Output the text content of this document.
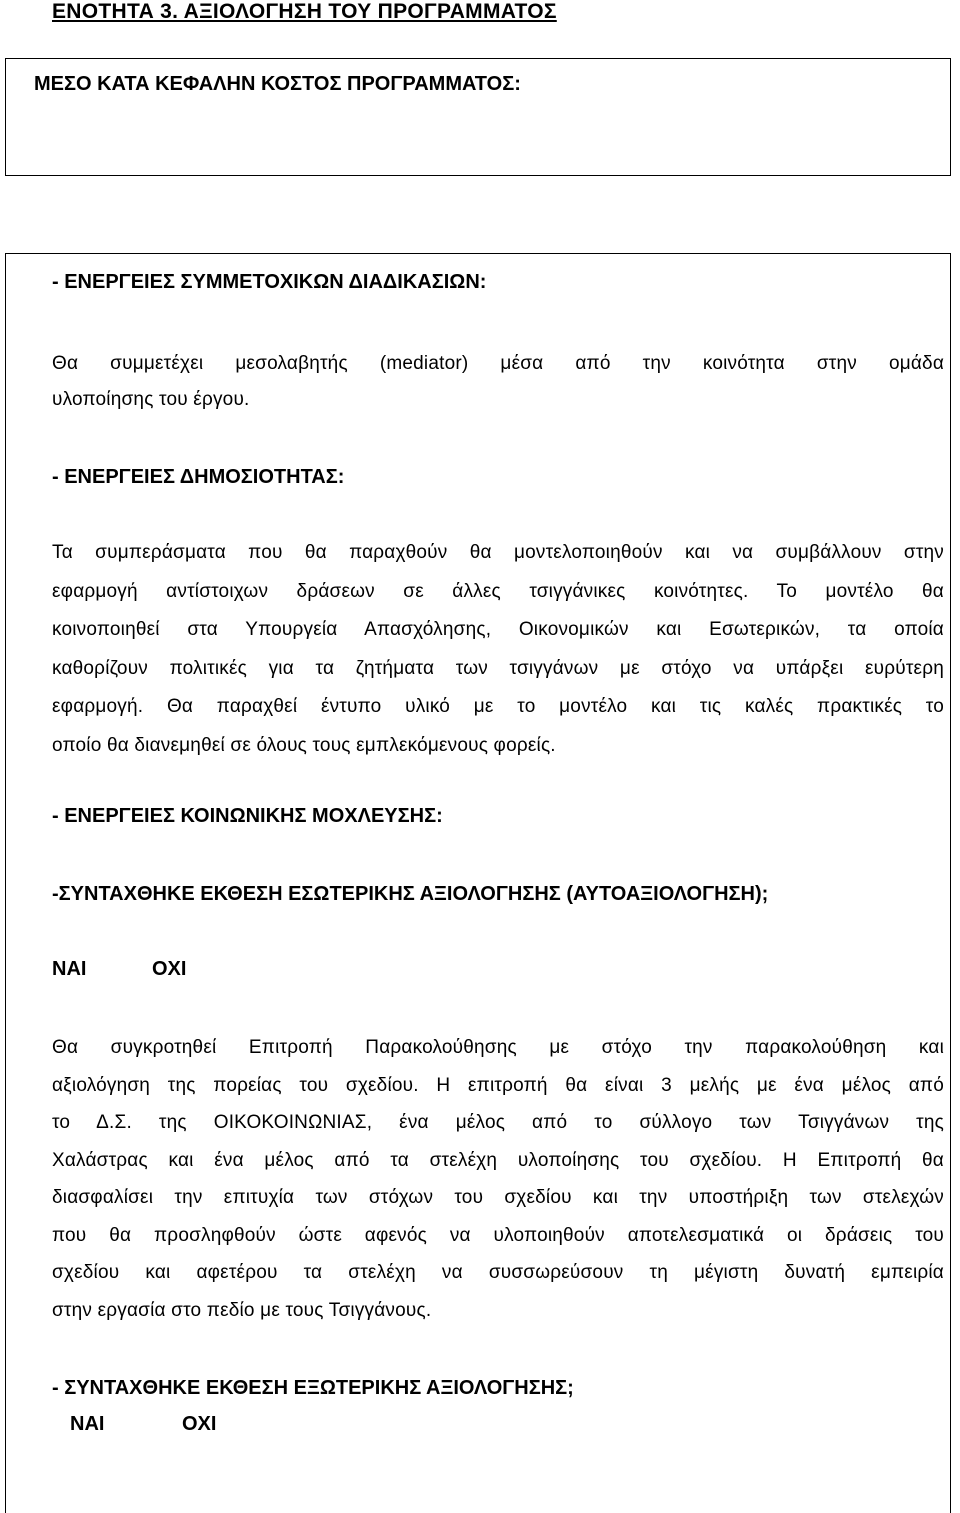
ΕΝΟΤΗΤΑ 3. ΑΞΙΟΛΟΓΗΣΗ ΤΟΥ ΠΡΟΓΡΑΜΜΑΤΟΣ
ΜΕΣΟ ΚΑΤΑ ΚΕΦΑΛΗΝ ΚΟΣΤΟΣ ΠΡΟΓΡΑΜΜΑΤΟΣ:
- ΕΝΕΡΓΕΙΕΣ ΣΥΜΜΕΤΟΧΙΚΩΝ ΔΙΑΔΙΚΑΣΙΩΝ:
Θα συμμετέχει μεσολαβητής (mediator) μέσα από την κοινότητα στην ομάδα
υλοποίησης του έργου.
- ΕΝΕΡΓΕΙΕΣ ΔΗΜΟΣΙΟΤΗΤΑΣ:
Τα συμπεράσματα που θα παραχθούν θα μοντελοποιηθούν και να συμβάλλουν στην
εφαρμογή αντίστοιχων δράσεων σε άλλες τσιγγάνικες κοινότητες. Το μοντέλο θα
κοινοποιηθεί στα Υπουργεία Απασχόλησης, Οικονομικών και Εσωτερικών, τα οποία
καθορίζουν πολιτικές για τα ζητήματα των τσιγγάνων με στόχο να υπάρξει ευρύτερη
εφαρμογή. Θα παραχθεί έντυπο υλικό με το μοντέλο και τις καλές πρακτικές το
οποίο θα διανεμηθεί σε όλους τους εμπλεκόμενους φορείς.
- ΕΝΕΡΓΕΙΕΣ ΚΟΙΝΩΝΙΚΗΣ ΜΟΧΛΕΥΣΗΣ:
-ΣΥΝΤΑΧΘΗΚΕ ΕΚΘΕΣΗ ΕΣΩΤΕΡΙΚΗΣ ΑΞΙΟΛΟΓΗΣΗΣ (ΑΥΤΟΑΞΙΟΛΟΓΗΣΗ);
ΝΑΙ	ΟΧΙ
Θα συγκροτηθεί Επιτροπή Παρακολούθησης με στόχο την παρακολούθηση και
αξιολόγηση της πορείας του σχεδίου. Η επιτροπή θα είναι 3 μελής με ένα μέλος από
το Δ.Σ. της ΟΙΚΟΚΟΙΝΩΝΙΑΣ, ένα μέλος από το σύλλογο των Τσιγγάνων της
Χαλάστρας και ένα μέλος από τα στελέχη υλοποίησης του σχεδίου. Η Επιτροπή θα
διασφαλίσει την επιτυχία των στόχων του σχεδίου και την υποστήριξη των στελεχών
που θα προσληφθούν ώστε αφενός να υλοποιηθούν αποτελεσματικά οι δράσεις του
σχεδίου και αφετέρου τα στελέχη να συσσωρεύσουν τη μέγιστη δυνατή εμπειρία
στην εργασία στο πεδίο με τους Τσιγγάνους.
- ΣΥΝΤΑΧΘΗΚΕ ΕΚΘΕΣΗ ΕΞΩΤΕΡΙΚΗΣ ΑΞΙΟΛΟΓΗΣΗΣ;
ΝΑΙ	ΟΧΙ
